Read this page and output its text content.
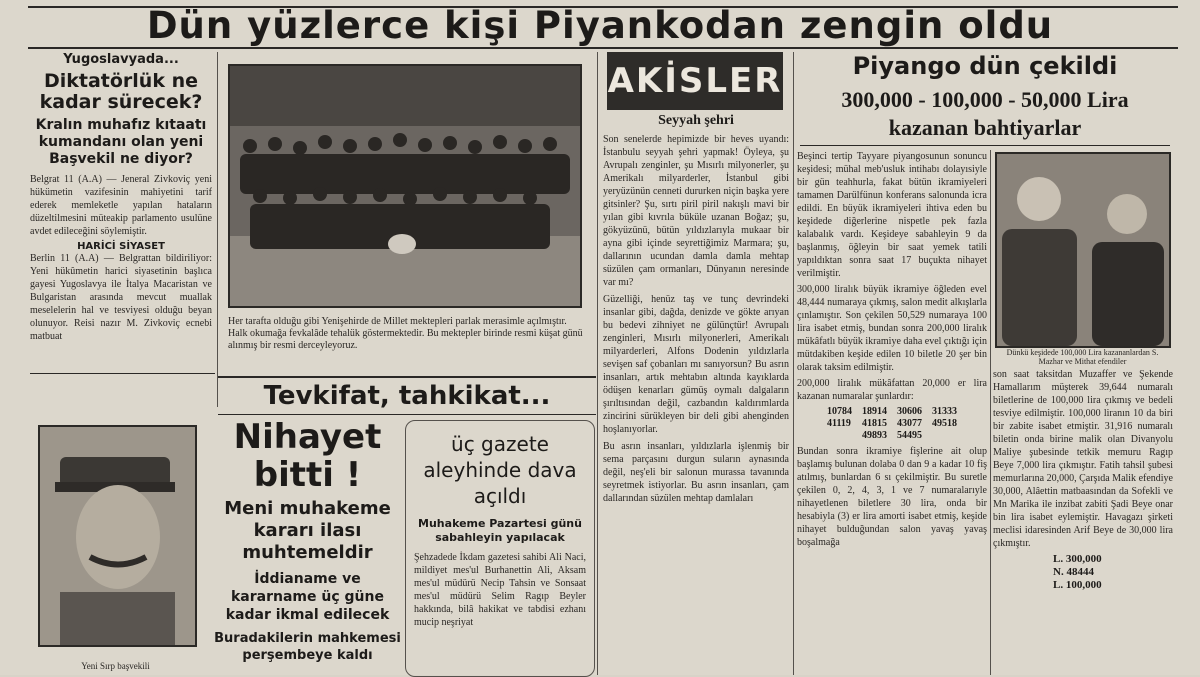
Dün yüzlerce kişi Piyankodan zengin oldu
Yugoslavyada...
Diktatörlük ne kadar sürecek?
Kralın muhafız kıtaatı kumandanı olan yeni Başvekil ne diyor?
Belgrat 11 (A.A) — Jeneral Zivkoviç yeni hükümetin vazifesinin mahiyetini tarif ederek memleketle yapılan hataların düzeltilmesini müteakip parlamento usulüne avdet edileceğini söylemiştir.
HARİCİ SİYASET
Berlin 11 (A.A) — Belgrattan bildiriliyor: Yeni hükûmetin harici siyasetinin başlıca gayesi Yugoslavya ile İtalya Macaristan ve Bulgaristan arasında mevcut muallak meselelerin hal ve tesviyesi olduğu beyan olunuyor. Reisi nazır M. Zivkoviç ecnebi matbuat
Her tarafta olduğu gibi Yenişehirde de Millet mektepleri parlak merasimle açılmıştır. Halk okumağa fevkalâde tehalük göstermektedir. Bu mektepler birinde resmi küşat günü alınmış bir resmi derceyleyoruz.
Tevkifat, tahkikat...
Yeni Sırp başvekili
Nihayet bitti !
Meni muhakeme kararı ilası muhtemeldir
İddianame ve kararname üç güne kadar ikmal edilecek
Buradakilerin mahkemesi perşembeye kaldı
üç gazete aleyhinde dava açıldı
Muhakeme Pazartesi günü sabahleyin yapılacak
Şehzadede İkdam gazetesi sahibi Ali Naci, mildiyet mes'ul Burhanettin Ali, Aksam mes'ul müdürü Necip Tahsin ve Sonsaat mes'ul müdürü Selim Ragıp Beyler hakkında, bilâ hakikat ve tabdisi ezhanı mucip neşriyat
AKİSLER
Seyyah şehri
Son senelerde hepimizde bir heves uyandı: İstanbulu seyyah şehri yapmak! Öyleya, şu Avrupalı zenginler, şu Mısırlı milyonerler, şu Amerikalı milyarderler, İstanbul gibi yeryüzünün cenneti dururken niçin başka yere gitsinler? Şu, sırtı piril piril nakışlı mavi bir yılan gibi kıvrıla büküle uzanan Boğaz; şu, gökyüzünü, bütün yıldızlarıyla mukaar bir ayna gibi içinde seyrettiğimiz Marmara; şu, dallarının ucundan damla damla mehtap süzülen çam ormanları, Dünyanın neresinde var mı?
Güzelliği, henüz taş ve tunç devrindeki insanlar gibi, dağda, denizde ve gökte arıyan bu bedevi zihniyet ne gülünçtür! Avrupalı zenginleri, Mısırlı milyonerleri, Amerikalı milyarderleri, Alfons Dodenin yıldızlarla sevişen saf çobanları mı sanıyorsun? Bu asrın insanları, artık mehtabın altında kayıklarda ödüşen kenarları gümüş oymalı dalgaların şırıltısından değil, cazbandın kaldırımlarda zincirini sürükleyen bir deli gibi ahenginden hoşlanıyorlar.
Bu asrın insanları, yıldızlarla işlenmiş bir sema parçasını durgun suların aynasında değil, neş'eli bir salonun murassa tavanında seyretmek istiyorlar. Bu asrın insanları, çam dallarından süzülen mehtap damlaları
Piyango dün çekildi
300,000 - 100,000 - 50,000 Lira
kazanan bahtiyarlar
Beşinci tertip Tayyare piyangosunun sonuncu keşidesi; mühal meb'usluk intihabı dolayısiyle bir gün teahhurla, fakat bütün ikramiyeleri tamamen Darülfünun konferans salonunda icra edildi. En büyük ikramiyeleri ihtiva eden bu keşidede diğerlerine nispetle pek fazla kalabalık vardı. Keşideye sabahleyin 9 da başlanmış, öğleyin bir saat yemek tatili yapıldıktan sonra saat 17 buçukta nihayet verilmiştir.
300,000 liralık büyük ikramiye öğleden evel 48,444 numaraya çıkmış, salon medit alkışlarla çınlamıştır. Son çekilen 50,529 numaraya 100 lira isabet etmiş, bundan sonra 200,000 liralık mükâfatlı büyük ikramiye daha evel çıktığı için mütdakiben keşide edilen 10 biletle 20 şer bin olarak taksim edilmiştir.
200,000 liralık mükâfattan 20,000 er lira kazanan numaralar şunlardır:
10784 18914 30606 31333
41119 41815 43077 49518
49893 54495
Bundan sonra ikramiye fişlerine ait olup başlamış bulunan dolaba 0 dan 9 a kadar 10 fiş atılmış, bunlardan 6 sı çekilmiştir. Bu suretle çekilen 0, 2, 4, 3, 1 ve 7 numaralarıyle nihayetlenen biletlere 30 lira, onda bir hesabiyla (3) er lira amorti isabet etmiş, keşide nihayet bulduğundan salon yavaş yavaş boşalmağa
Dünkü keşidede 100,000 Lira kazananlardan S. Mazhar ve Mithat efendiler
son saat taksitdan Muzaffer ve Şekende Hamallarım müşterek 39,644 numaralı biletlerine de 100,000 lira çıkmış ve bedeli tesviye edilmiştir. 100,000 liranın 10 da biri bir zabite isabet etmiştir. 31,916 numaralı biletin onda birine malik olan Divanyolu Maliye şubesinde tetkik memuru Ragıp Beye 7,000 lira çıkmıştır. Fatih tahsil şubesi memurlarına 20,000, Çarşıda Malik efendiye 30,000, Alâettin matbaasından da Sofekli ve Mn Marika ile inzibat zabiti Şadi Beye onar bin lira isabet eylemiştir. Havagazı şirketi meclisi idaresinden Arif Beye de 30,000 lira çıkmıştır.
L. 300,000
N. 48444
L. 100,000
